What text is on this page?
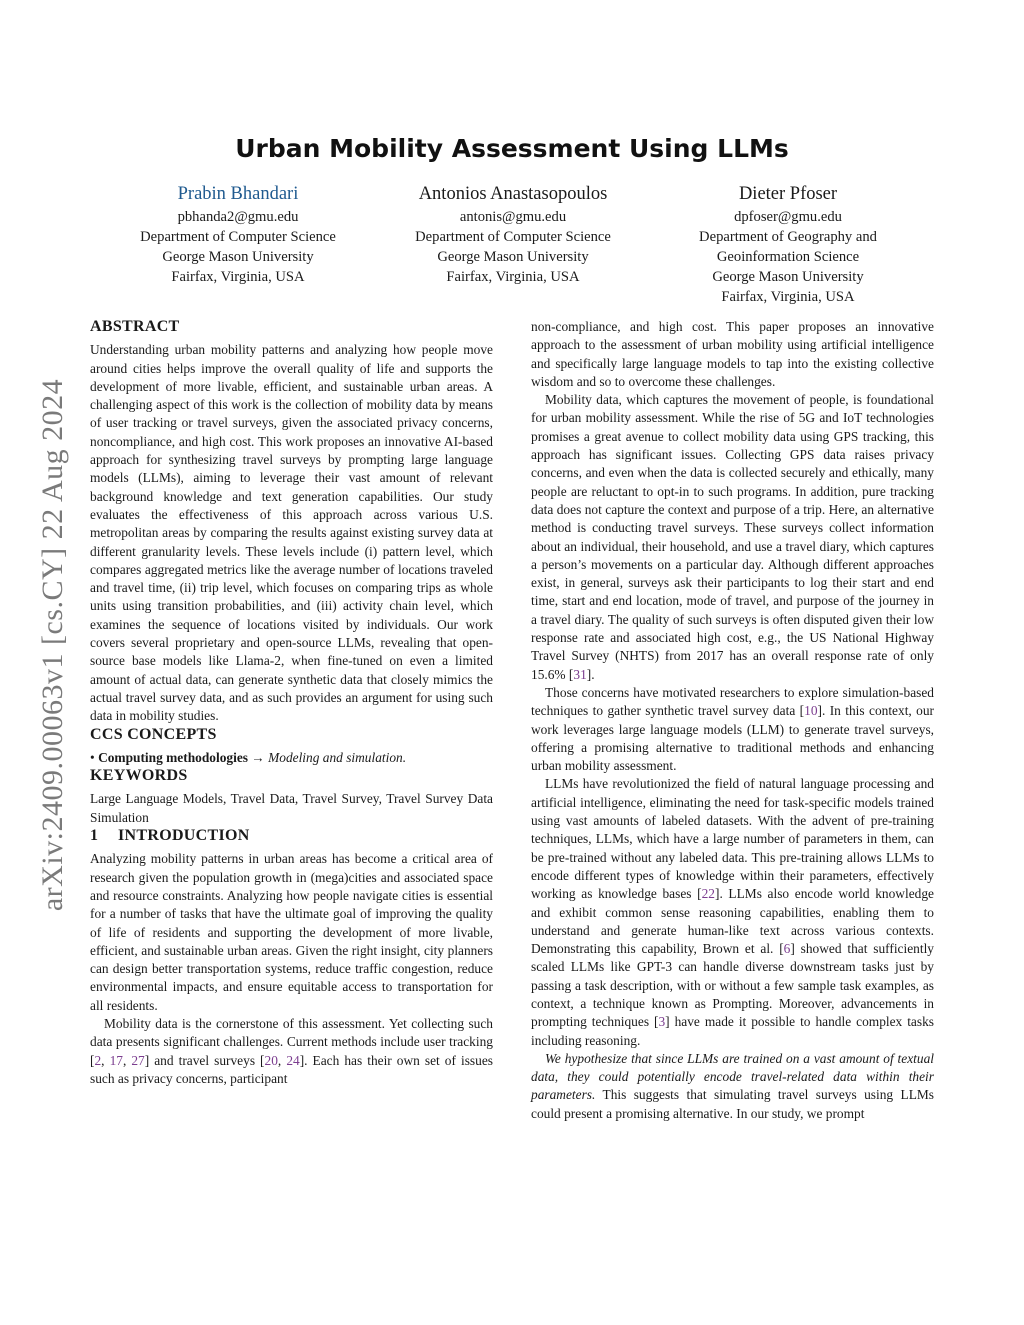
arXiv:2409.00063v1 [cs.CY] 22 Aug 2024
Urban Mobility Assessment Using LLMs
Prabin Bhandari
pbhanda2@gmu.edu
Department of Computer Science
George Mason University
Fairfax, Virginia, USA
Antonios Anastasopoulos
antonis@gmu.edu
Department of Computer Science
George Mason University
Fairfax, Virginia, USA
Dieter Pfoser
dpfoser@gmu.edu
Department of Geography and
Geoinformation Science
George Mason University
Fairfax, Virginia, USA
ABSTRACT

Understanding urban mobility patterns and analyzing how people move around cities helps improve the overall quality of life and supports the development of more livable, efficient, and sustainable urban areas. A challenging aspect of this work is the collection of mobility data by means of user tracking or travel surveys, given the associated privacy concerns, noncompliance, and high cost. This work proposes an innovative AI-based approach for synthesizing travel surveys by prompting large language models (LLMs), aiming to leverage their vast amount of relevant background knowledge and text generation capabilities. Our study evaluates the effectiveness of this approach across various U.S. metropolitan areas by comparing the results against existing survey data at different granularity levels. These levels include (i) pattern level, which compares aggregated metrics like the average number of locations traveled and travel time, (ii) trip level, which focuses on comparing trips as whole units using transition probabilities, and (iii) activity chain level, which examines the sequence of locations visited by individuals. Our work covers several proprietary and open-source LLMs, revealing that open-source base models like Llama-2, when fine-tuned on even a limited amount of actual data, can generate synthetic data that closely mimics the actual travel survey data, and as such provides an argument for using such data in mobility studies.

CCS CONCEPTS

• Computing methodologies → Modeling and simulation.

KEYWORDS

Large Language Models, Travel Data, Travel Survey, Travel Survey Data Simulation

1 INTRODUCTION

Analyzing mobility patterns in urban areas has become a critical area of research given the population growth in (mega)cities and associated space and resource constraints. Analyzing how people navigate cities is essential for a number of tasks that have the ultimate goal of improving the quality of life of residents and supporting the development of more livable, efficient, and sustainable urban areas. Given the right insight, city planners can design better transportation systems, reduce traffic congestion, reduce environmental impacts, and ensure equitable access to transportation for all residents.

Mobility data is the cornerstone of this assessment. Yet collecting such data presents significant challenges. Current methods include user tracking [2, 17, 27] and travel surveys [20, 24]. Each has their own set of issues such as privacy concerns, participant

non-compliance, and high cost. This paper proposes an innovative approach to the assessment of urban mobility using artificial intelligence and specifically large language models to tap into the existing collective wisdom and so to overcome these challenges.

Mobility data, which captures the movement of people, is foundational for urban mobility assessment. While the rise of 5G and IoT technologies promises a great avenue to collect mobility data using GPS tracking, this approach has significant issues. Collecting GPS data raises privacy concerns, and even when the data is collected securely and ethically, many people are reluctant to opt-in to such programs. In addition, pure tracking data does not capture the context and purpose of a trip. Here, an alternative method is conducting travel surveys. These surveys collect information about an individual, their household, and use a travel diary, which captures a person’s movements on a particular day. Although different approaches exist, in general, surveys ask their participants to log their start and end time, start and end location, mode of travel, and purpose of the journey in a travel diary. The quality of such surveys is often disputed given their low response rate and associated high cost, e.g., the US National Highway Travel Survey (NHTS) from 2017 has an overall response rate of only 15.6% [31].

Those concerns have motivated researchers to explore simulation-based techniques to gather synthetic travel survey data [10]. In this context, our work leverages large language models (LLM) to generate travel surveys, offering a promising alternative to traditional methods and enhancing urban mobility assessment.

LLMs have revolutionized the field of natural language processing and artificial intelligence, eliminating the need for task-specific models trained using vast amounts of labeled datasets. With the advent of pre-training techniques, LLMs, which have a large number of parameters in them, can be pre-trained without any labeled data. This pre-training allows LLMs to encode different types of knowledge within their parameters, effectively working as knowledge bases [22]. LLMs also encode world knowledge and exhibit common sense reasoning capabilities, enabling them to understand and generate human-like text across various contexts. Demonstrating this capability, Brown et al. [6] showed that sufficiently scaled LLMs like GPT-3 can handle diverse downstream tasks just by passing a task description, with or without a few sample task examples, as context, a technique known as Prompting. Moreover, advancements in prompting techniques [3] have made it possible to handle complex tasks including reasoning.

We hypothesize that since LLMs are trained on a vast amount of textual data, they could potentially encode travel-related data within their parameters. This suggests that simulating travel surveys using LLMs could present a promising alternative. In our study, we prompt
